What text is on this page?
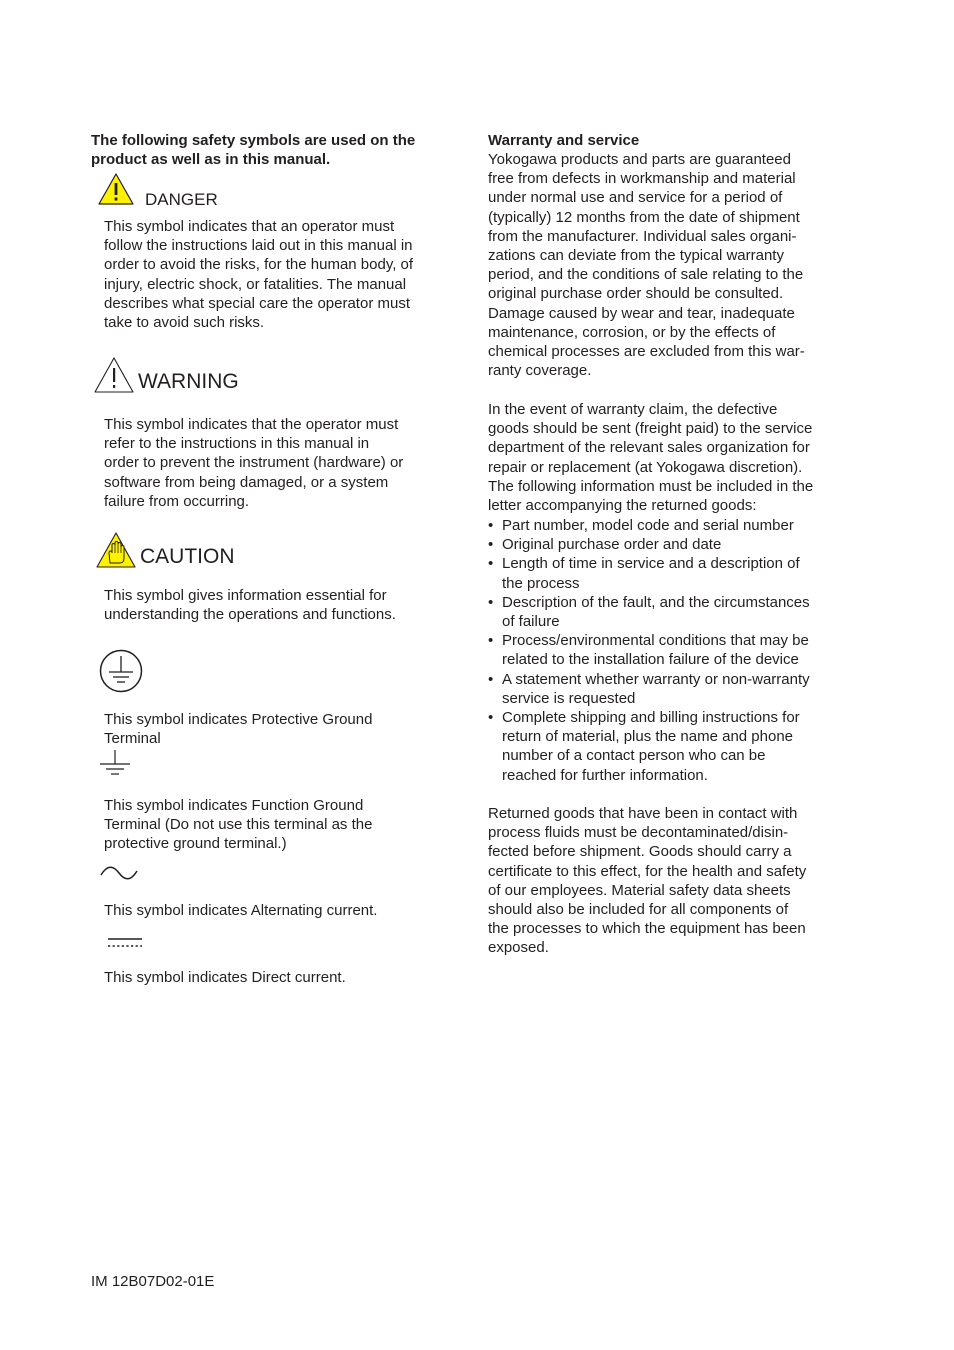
The following safety symbols are used on the
product as well as in this manual.
DANGER
This symbol indicates that an operator must
follow the instructions laid out in this manual in
order to avoid the risks, for the human body, of
injury, electric shock, or fatalities. The manual
describes what special care the operator must
take to avoid such risks.
WARNING
This symbol indicates that the operator must
refer to the instructions in this manual in
order to prevent the instrument (hardware) or
software from being damaged, or a system
failure from occurring.
CAUTION
This symbol gives information essential for
understanding the operations and functions.
This symbol indicates Protective Ground
Terminal
This symbol indicates Function Ground
Terminal (Do not use this terminal as the
protective ground terminal.)
This symbol indicates Alternating current.
This symbol indicates Direct current.
Warranty and service
Yokogawa products and parts are guaranteed
free from defects in workmanship and material
under normal use and service for a period of
(typically) 12 months from the date of shipment
from the manufacturer. Individual sales organi-
zations can deviate from the typical warranty
period, and the conditions of sale relating to the
original purchase order should be consulted.
Damage caused by wear and tear, inadequate
maintenance, corrosion, or by the effects of
chemical processes are excluded from this war-
ranty coverage.
In the event of warranty claim, the defective
goods should be sent (freight paid) to the service
department of the relevant sales organization for
repair or replacement (at Yokogawa discretion).
The following information must be included in the
letter accompanying the returned goods:
• Part number, model code and serial number
• Original purchase order and date
• Length of time in service and a description of
the process
• Description of the fault, and the circumstances
of failure
• Process/environmental conditions that may be
related to the installation failure of the device
• A statement whether warranty or non-warranty
service is requested
• Complete shipping and billing instructions for
return of material, plus the name and phone
number of a contact person who can be
reached for further information.
Returned goods that have been in contact with
process fluids must be decontaminated/disin-
fected before shipment. Goods should carry a
certificate to this effect, for the health and safety
of our employees. Material safety data sheets
should also be included for all components of
the processes to which the equipment has been
exposed.
IM 12B07D02-01E
